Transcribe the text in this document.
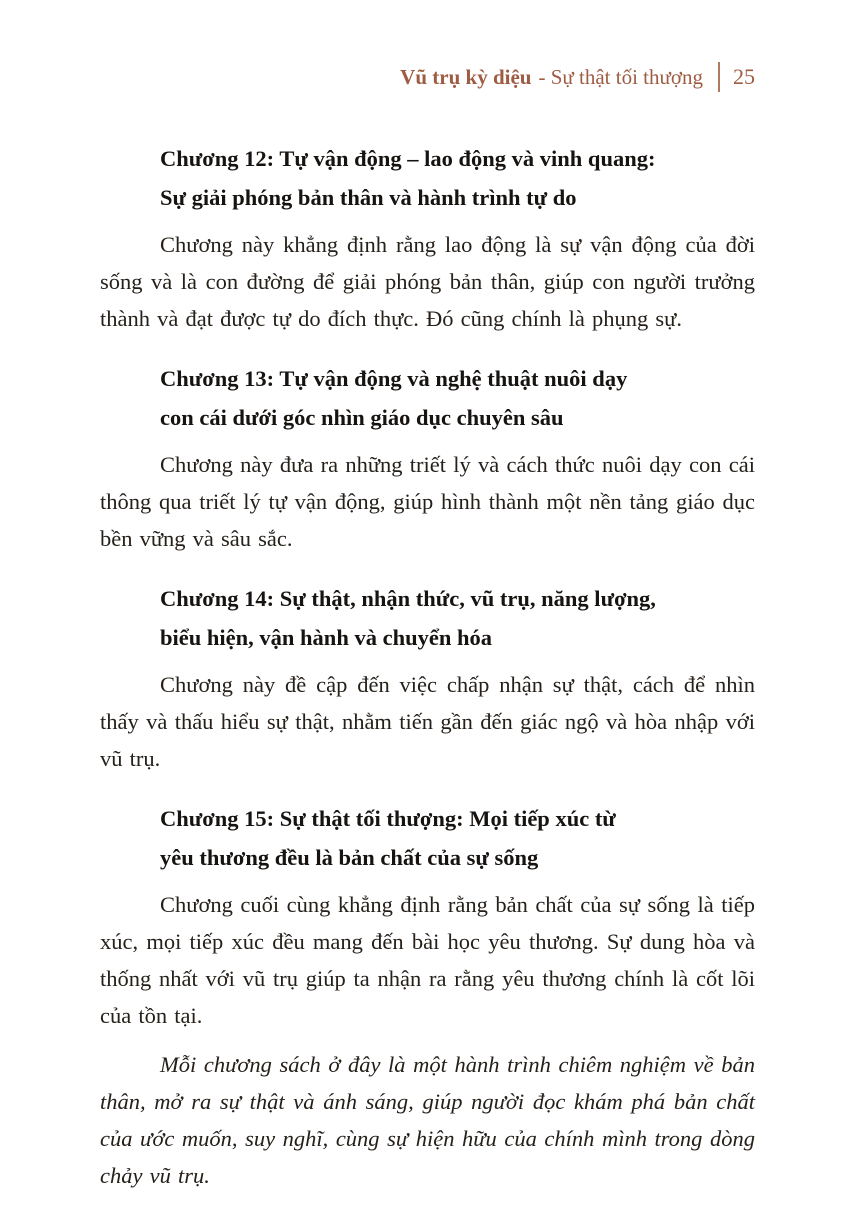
Vũ trụ kỳ diệu - Sự thật tối thượng 25
Chương 12: Tự vận động – lao động và vinh quang:
Sự giải phóng bản thân và hành trình tự do

Chương này khẳng định rằng lao động là sự vận động của đời sống và là con đường để giải phóng bản thân, giúp con người trưởng thành và đạt được tự do đích thực. Đó cũng chính là phụng sự.

Chương 13: Tự vận động và nghệ thuật nuôi dạy
con cái dưới góc nhìn giáo dục chuyên sâu

Chương này đưa ra những triết lý và cách thức nuôi dạy con cái thông qua triết lý tự vận động, giúp hình thành một nền tảng giáo dục bền vững và sâu sắc.

Chương 14: Sự thật, nhận thức, vũ trụ, năng lượng,
biểu hiện, vận hành và chuyển hóa

Chương này đề cập đến việc chấp nhận sự thật, cách để nhìn thấy và thấu hiểu sự thật, nhằm tiến gần đến giác ngộ và hòa nhập với vũ trụ.

Chương 15: Sự thật tối thượng: Mọi tiếp xúc từ
yêu thương đều là bản chất của sự sống

Chương cuối cùng khẳng định rằng bản chất của sự sống là tiếp xúc, mọi tiếp xúc đều mang đến bài học yêu thương. Sự dung hòa và thống nhất với vũ trụ giúp ta nhận ra rằng yêu thương chính là cốt lõi của tồn tại.

Mỗi chương sách ở đây là một hành trình chiêm nghiệm về bản thân, mở ra sự thật và ánh sáng, giúp người đọc khám phá bản chất của ước muốn, suy nghĩ, cùng sự hiện hữu của chính mình trong dòng chảy vũ trụ.
